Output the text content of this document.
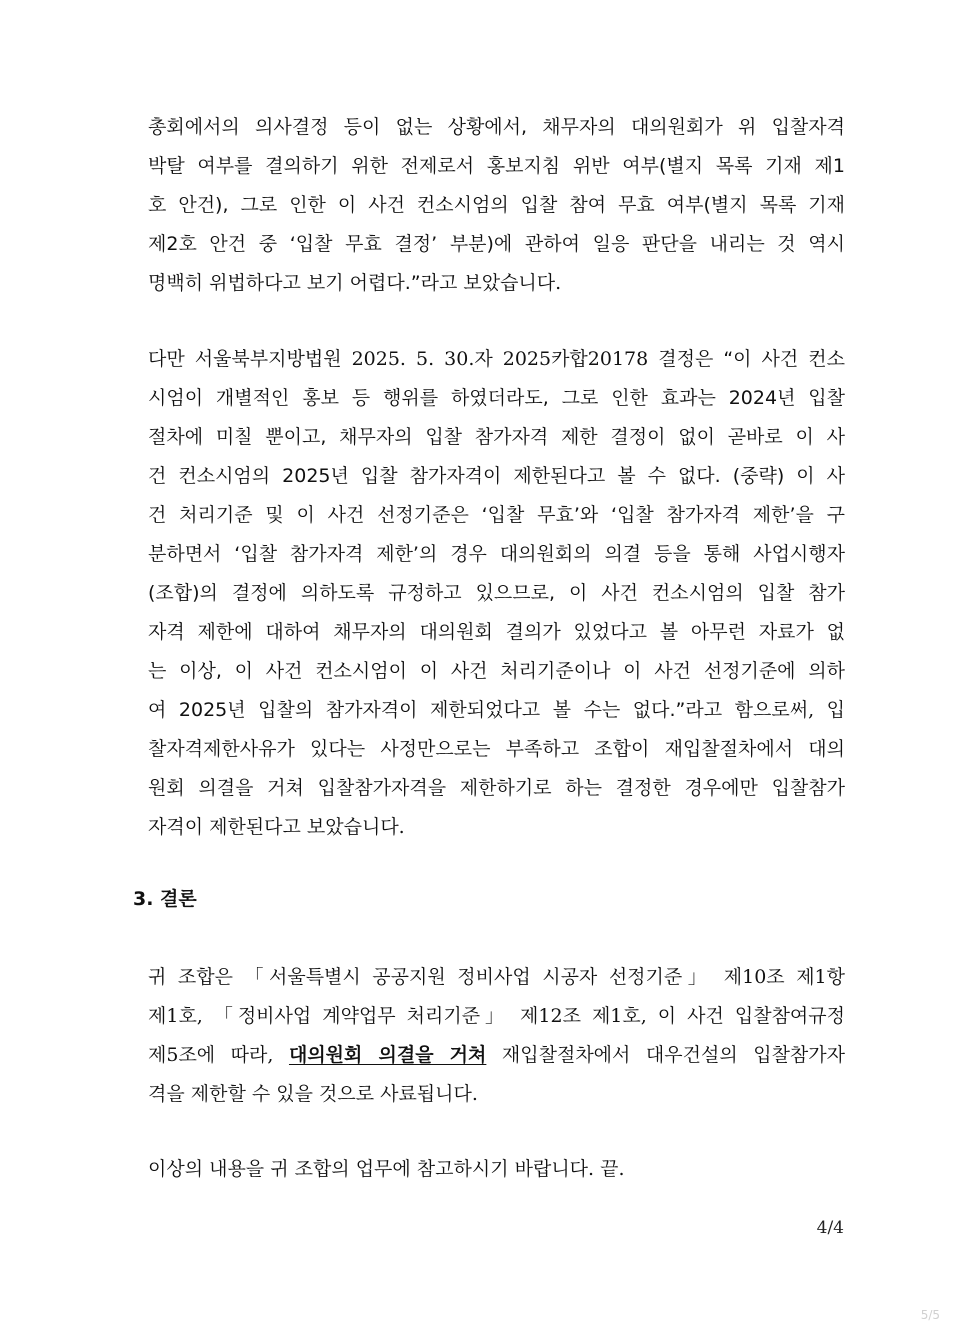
총회에서의 의사결정 등이 없는 상황에서, 채무자의 대의원회가 위 입찰자격
박탈 여부를 결의하기 위한 전제로서 홍보지침 위반 여부(별지 목록 기재 제1
호 안건), 그로 인한 이 사건 컨소시엄의 입찰 참여 무효 여부(별지 목록 기재
제2호 안건 중 ‘입찰 무효 결정’ 부분)에 관하여 일응 판단을 내리는 것 역시
명백히 위법하다고 보기 어렵다.”라고 보았습니다.
다만 서울북부지방법원 2025. 5. 30.자 2025카합20178 결정은 “이 사건 컨소
시엄이 개별적인 홍보 등 행위를 하였더라도, 그로 인한 효과는 2024년 입찰
절차에 미칠 뿐이고, 채무자의 입찰 참가자격 제한 결정이 없이 곧바로 이 사
건 컨소시엄의 2025년 입찰 참가자격이 제한된다고 볼 수 없다. (중략) 이 사
건 처리기준 및 이 사건 선정기준은 ‘입찰 무효’와 ‘입찰 참가자격 제한’을 구
분하면서 ‘입찰 참가자격 제한’의 경우 대의원회의 의결 등을 통해 사업시행자
(조합)의 결정에 의하도록 규정하고 있으므로, 이 사건 컨소시엄의 입찰 참가
자격 제한에 대하여 채무자의 대의원회 결의가 있었다고 볼 아무런 자료가 없
는 이상, 이 사건 컨소시엄이 이 사건 처리기준이나 이 사건 선정기준에 의하
여 2025년 입찰의 참가자격이 제한되었다고 볼 수는 없다.”라고 함으로써, 입
찰자격제한사유가 있다는 사정만으로는 부족하고 조합이 재입찰절차에서 대의
원회 의결을 거쳐 입찰참가자격을 제한하기로 하는 결정한 경우에만 입찰참가
자격이 제한된다고 보았습니다.
3. 결론
귀 조합은 「서울특별시 공공지원 정비사업 시공자 선정기준」 제10조 제1항
제1호, 「정비사업 계약업무 처리기준」 제12조 제1호, 이 사건 입찰참여규정
제5조에 따라, 대의원회 의결을 거쳐 재입찰절차에서 대우건설의 입찰참가자
격을 제한할 수 있을 것으로 사료됩니다.
이상의 내용을 귀 조합의 업무에 참고하시기 바랍니다. 끝.
4/4
5/5
